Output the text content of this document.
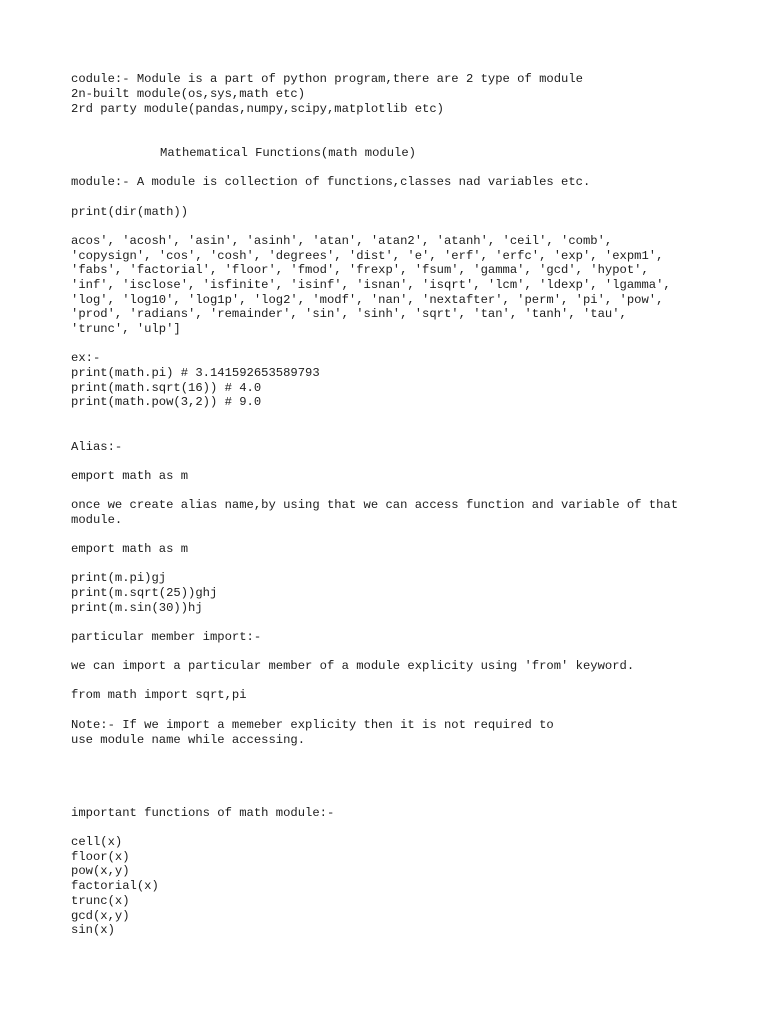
codule:- Module is a part of python program,there are 2 type of module

2n-built module(os,sys,math etc)

2rd party module(pandas,numpy,scipy,matplotlib etc)

Mathematical Functions(math module)

module:- A module is collection of functions,classes nad variables etc.

print(dir(math))

acos', 'acosh', 'asin', 'asinh', 'atan', 'atan2', 'atanh', 'ceil', 'comb',

'copysign', 'cos', 'cosh', 'degrees', 'dist', 'e', 'erf', 'erfc', 'exp', 'expm1',

'fabs', 'factorial', 'floor', 'fmod', 'frexp', 'fsum', 'gamma', 'gcd', 'hypot',

'inf', 'isclose', 'isfinite', 'isinf', 'isnan', 'isqrt', 'lcm', 'ldexp', 'lgamma',

'log', 'log10', 'log1p', 'log2', 'modf', 'nan', 'nextafter', 'perm', 'pi', 'pow',

'prod', 'radians', 'remainder', 'sin', 'sinh', 'sqrt', 'tan', 'tanh', 'tau',

'trunc', 'ulp']

ex:-

print(math.pi) # 3.141592653589793

print(math.sqrt(16)) # 4.0

print(math.pow(3,2)) # 9.0

Alias:-

emport math as m

once we create alias name,by using that we can access function and variable of that

module.

emport math as m

print(m.pi)gj

print(m.sqrt(25))ghj

print(m.sin(30))hj

particular member import:-

we can import a particular member of a module explicity using 'from' keyword.

from math import sqrt,pi

Note:- If we import a memeber explicity then it is not required to

use module name while accessing.

important functions of math module:-

cell(x)

floor(x)

pow(x,y)

factorial(x)

trunc(x)

gcd(x,y)

sin(x)
